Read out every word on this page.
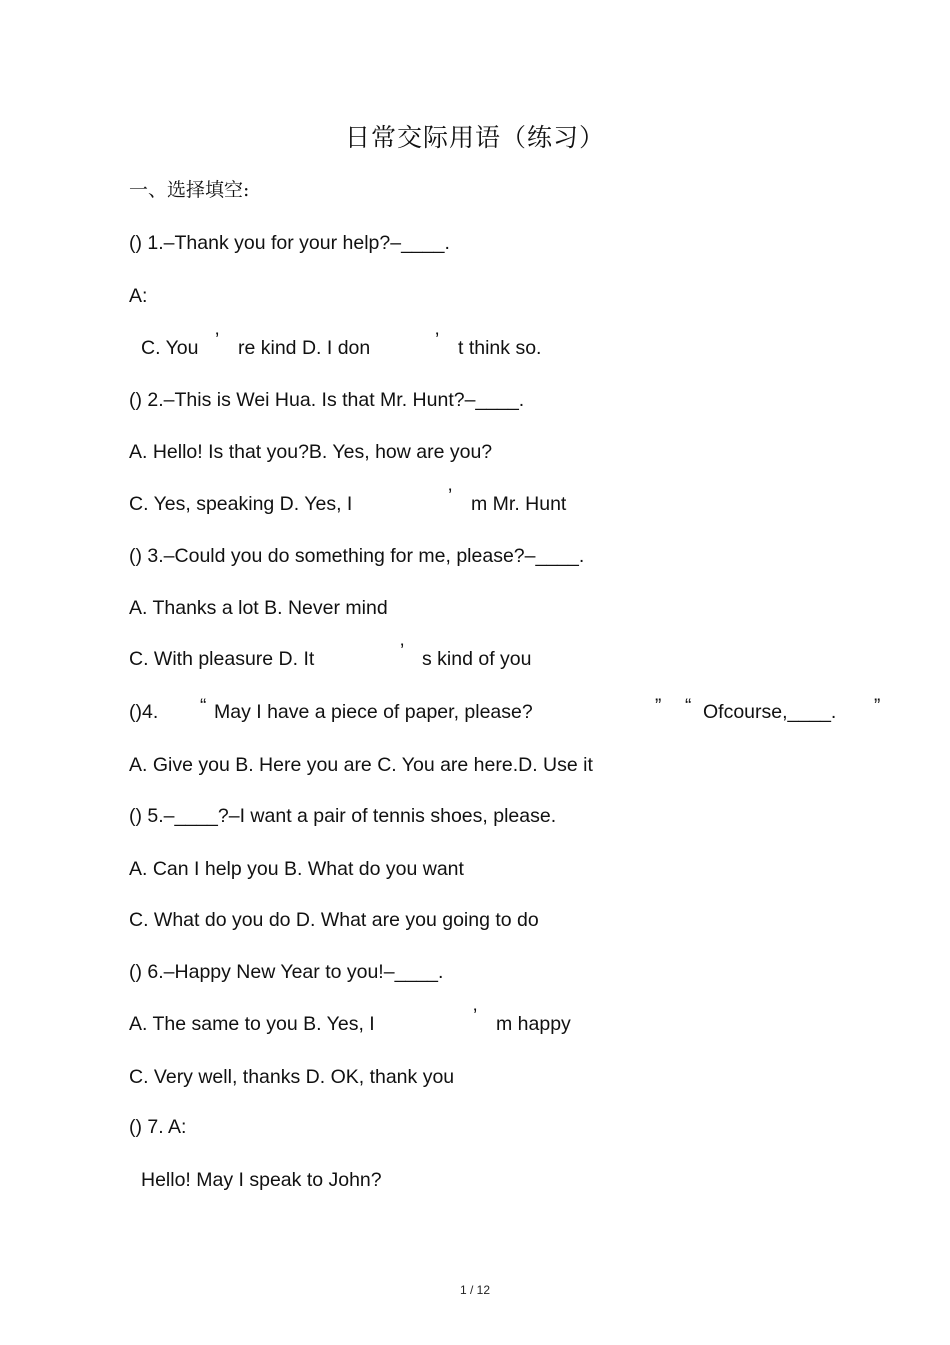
日常交际用语（练习）
一、选择填空:
() 1.–Thank you for your help?–____.
A:
C. You ’ re kind D. I don	’ t think so.
() 2.–This is Wei Hua. Is that Mr. Hunt?–____.
A. Hello! Is that you?B. Yes, how are you?
C. Yes, speaking D. Yes, I	’ m Mr. Hunt
() 3.–Could you do something for me, please?–____.
A. Thanks a lot B. Never mind
C. With pleasure D. It	’ s kind of you
()4. “ May I have a piece of paper, please?	” “ Ofcourse,____. ”
A. Give you B. Here you are C. You are here.D. Use it
() 5.–____?–I want a pair of tennis shoes, please.
A. Can I help you B. What do you want
C. What do you do D. What are you going to do
() 6.–Happy New Year to you!–____.
A. The same to you B. Yes, I	’ m happy
C. Very well, thanks D. OK, thank you
() 7. A:
Hello! May I speak to John?
1 / 12
